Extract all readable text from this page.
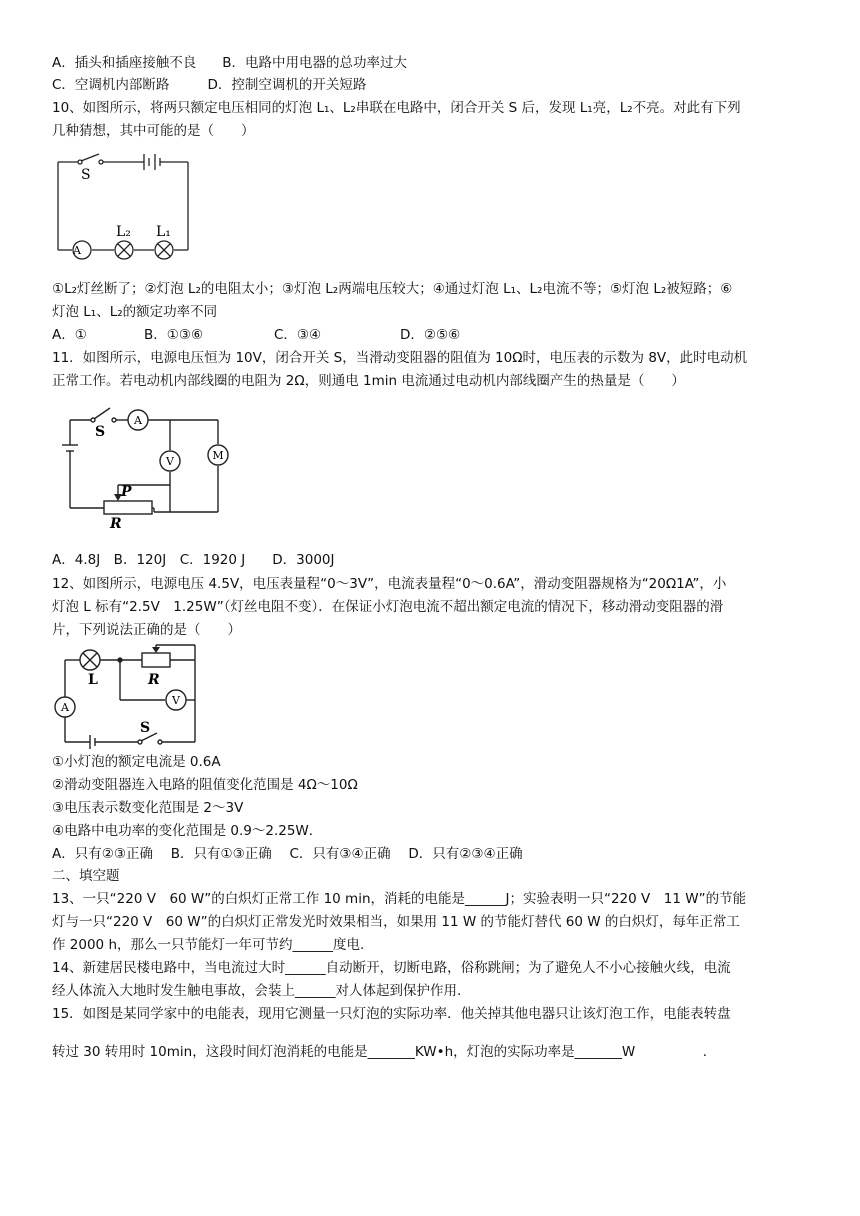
A．插头和插座接触不良 B．电路中用电器的总功率过大
C．空调机内部断路	D．控制空调机的开关短路
10、如图所示，将两只额定电压相同的灯泡 L₁、L₂串联在电路中，闭合开关 S 后，发现 L₁亮，L₂不亮。对此有下列
几种猜想，其中可能的是（　　）
S
A
L₂ L₁
①L₂灯丝断了；②灯泡 L₂的电阻太小；③灯泡 L₂两端电压较大；④通过灯泡 L₁、L₂电流不等；⑤灯泡 L₂被短路；⑥
灯泡 L₁、L₂的额定功率不同
A．①	B．①③⑥	C．③④	D．②⑤⑥
11．如图所示，电源电压恒为 10V，闭合开关 S，当滑动变阻器的阻值为 10Ω时，电压表的示数为 8V，此时电动机
正常工作。若电动机内部线圈的电阻为 2Ω，则通电 1min 电流通过电动机内部线圈产生的热量是（　　）
S
A
V	M
P
R
A．4.8J　B．120J　C．1920 J　　D．3000J
12、如图所示，电源电压 4.5V，电压表量程“0～3V”，电流表量程“0～0.6A”，滑动变阻器规格为“20Ω1A”，小
灯泡 L 标有“2.5V　1.25W”（灯丝电阻不变）．在保证小灯泡电流不超出额定电流的情况下，移动滑动变阻器的滑
片，下列说法正确的是（　　）
L	R
V
A
S
①小灯泡的额定电流是 0.6A
②滑动变阻器连入电路的阻值变化范围是 4Ω～10Ω
③电压表示数变化范围是 2～3V
④电路中电功率的变化范围是 0.9～2.25W．
A．只有②③正确　 B．只有①③正确　 C．只有③④正确　 D．只有②③④正确
二、填空题
13、一只“220 V　60 W”的白炽灯正常工作 10 min，消耗的电能是______J；实验表明一只“220 V　11 W”的节能
灯与一只“220 V　60 W”的白炽灯正常发光时效果相当，如果用 11 W 的节能灯替代 60 W 的白炽灯，每年正常工
作 2000 h，那么一只节能灯一年可节约______度电.
14、新建居民楼电路中，当电流过大时______自动断开，切断电路，俗称跳闸；为了避免人不小心接触火线，电流
经人体流入大地时发生触电事故，会装上______对人体起到保护作用.
15．如图是某同学家中的电能表，现用它测量一只灯泡的实际功率．他关掉其他电器只让该灯泡工作，电能表转盘
转过 30 转用时 10min，这段时间灯泡消耗的电能是_______KW•h，灯泡的实际功率是_______W　　　　　.
